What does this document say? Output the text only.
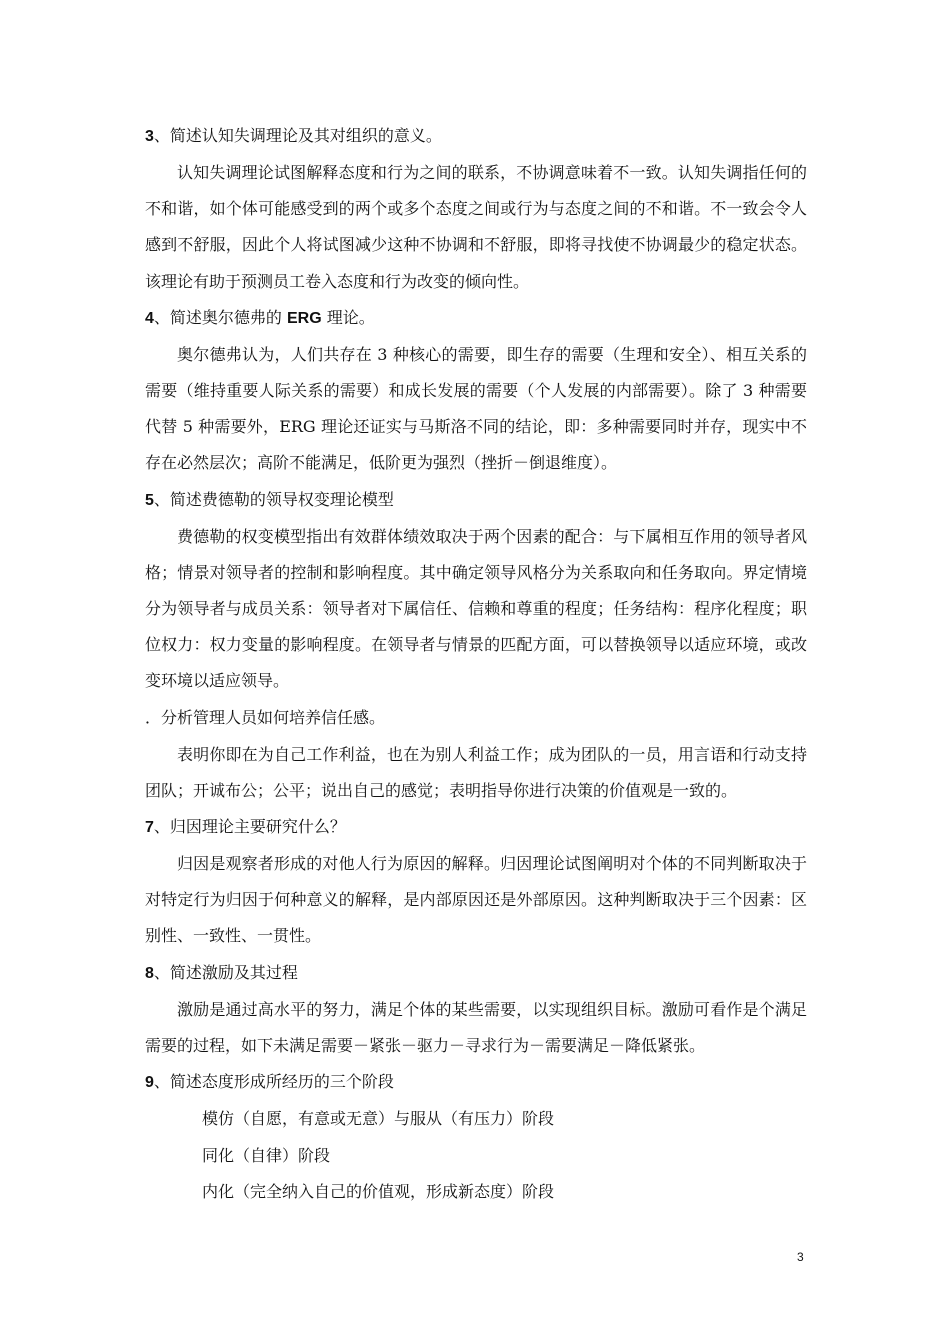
3、简述认知失调理论及其对组织的意义。

认知失调理论试图解释态度和行为之间的联系，不协调意味着不一致。认知失调指任何的不和谐，如个体可能感受到的两个或多个态度之间或行为与态度之间的不和谐。不一致会令人感到不舒服，因此个人将试图减少这种不协调和不舒服，即将寻找使不协调最少的稳定状态。该理论有助于预测员工卷入态度和行为改变的倾向性。

4、简述奥尔德弗的 ERG 理论。

奥尔德弗认为，人们共存在 3 种核心的需要，即生存的需要（生理和安全）、相互关系的需要（维持重要人际关系的需要）和成长发展的需要（个人发展的内部需要）。除了 3 种需要代替 5 种需要外，ERG 理论还证实与马斯洛不同的结论，即：多种需要同时并存，现实中不存在必然层次；高阶不能满足，低阶更为强烈（挫折－倒退维度）。

5、简述费德勒的领导权变理论模型

费德勒的权变模型指出有效群体绩效取决于两个因素的配合：与下属相互作用的领导者风格；情景对领导者的控制和影响程度。其中确定领导风格分为关系取向和任务取向。界定情境分为领导者与成员关系：领导者对下属信任、信赖和尊重的程度；任务结构：程序化程度；职位权力：权力变量的影响程度。在领导者与情景的匹配方面，可以替换领导以适应环境，或改变环境以适应领导。

．分析管理人员如何培养信任感。

表明你即在为自己工作利益，也在为别人利益工作；成为团队的一员，用言语和行动支持团队；开诚布公；公平；说出自己的感觉；表明指导你进行决策的价值观是一致的。

7、归因理论主要研究什么？

归因是观察者形成的对他人行为原因的解释。归因理论试图阐明对个体的不同判断取决于对特定行为归因于何种意义的解释，是内部原因还是外部原因。这种判断取决于三个因素：区别性、一致性、一贯性。

8、简述激励及其过程

激励是通过高水平的努力，满足个体的某些需要，以实现组织目标。激励可看作是个满足需要的过程，如下未满足需要－紧张－驱力－寻求行为－需要满足－降低紧张。

9、简述态度形成所经历的三个阶段

模仿（自愿，有意或无意）与服从（有压力）阶段

同化（自律）阶段

内化（完全纳入自己的价值观，形成新态度）阶段

3
